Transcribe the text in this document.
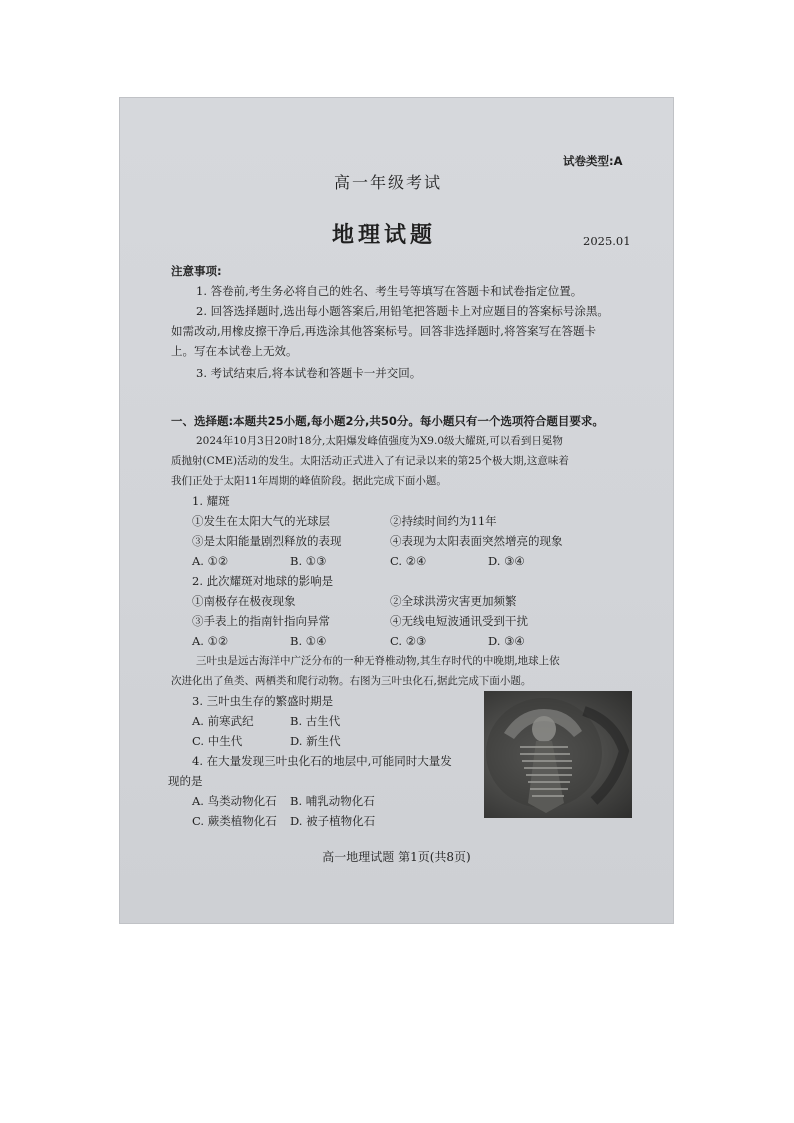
试卷类型:A
高一年级考试
地理试题	2025.01
注意事项:
1. 答卷前,考生务必将自己的姓名、考生号等填写在答题卡和试卷指定位置。
2. 回答选择题时,选出每小题答案后,用铅笔把答题卡上对应题目的答案标号涂黑。
如需改动,用橡皮擦干净后,再选涂其他答案标号。回答非选择题时,将答案写在答题卡
上。写在本试卷上无效。
3. 考试结束后,将本试卷和答题卡一并交回。
一、选择题:本题共25小题,每小题2分,共50分。每小题只有一个选项符合题目要求。
2024年10月3日20时18分,太阳爆发峰值强度为X9.0级大耀斑,可以看到日冕物
质抛射(CME)活动的发生。太阳活动正式进入了有记录以来的第25个极大期,这意味着
我们正处于太阳11年周期的峰值阶段。据此完成下面小题。
1. 耀斑
①发生在太阳大气的光球层	②持续时间约为11年
③是太阳能量剧烈释放的表现	④表现为太阳表面突然增亮的现象
A. ①②	B. ①③	C. ②④	D. ③④
2. 此次耀斑对地球的影响是
①南极存在极夜现象	②全球洪涝灾害更加频繁
③手表上的指南针指向异常	④无线电短波通讯受到干扰
A. ①②	B. ①④	C. ②③	D. ③④
三叶虫是远古海洋中广泛分布的一种无脊椎动物,其生存时代的中晚期,地球上依
次进化出了鱼类、两栖类和爬行动物。右图为三叶虫化石,据此完成下面小题。
3. 三叶虫生存的繁盛时期是
A. 前寒武纪	B. 古生代
C. 中生代	D. 新生代
4. 在大量发现三叶虫化石的地层中,可能同时大量发
现的是
A. 鸟类动物化石 B. 哺乳动物化石
C. 蕨类植物化石 D. 被子植物化石
高一地理试题 第1页(共8页)
